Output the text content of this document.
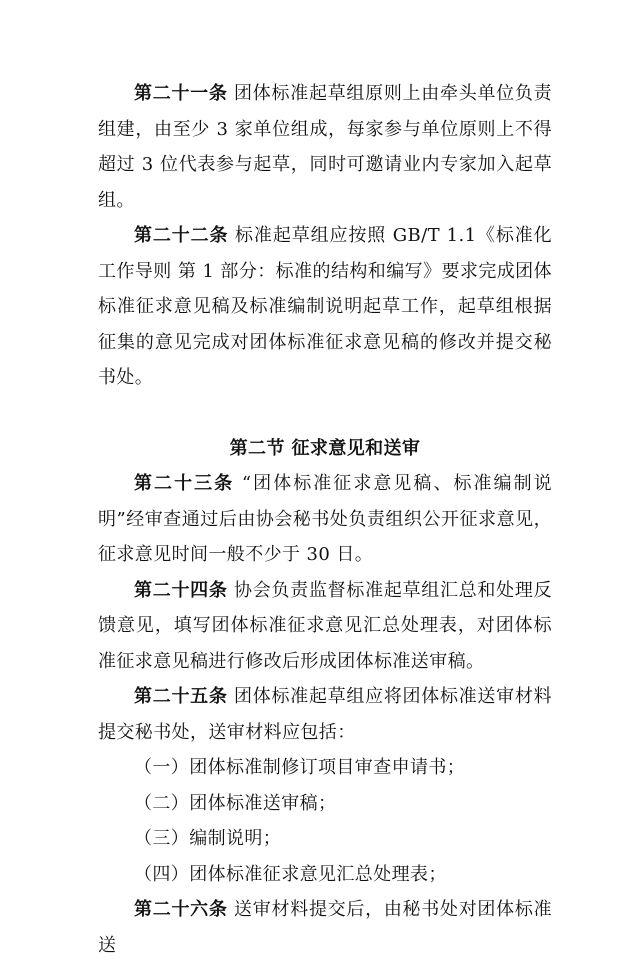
第二十一条 团体标准起草组原则上由牵头单位负责组建，由至少 3 家单位组成，每家参与单位原则上不得超过 3 位代表参与起草，同时可邀请业内专家加入起草组。

第二十二条 标准起草组应按照 GB/T 1.1《标准化工作导则 第 1 部分：标准的结构和编写》要求完成团体标准征求意见稿及标准编制说明起草工作，起草组根据征集的意见完成对团体标准征求意见稿的修改并提交秘书处。

第二节 征求意见和送审

第二十三条 “团体标准征求意见稿、标准编制说明”经审查通过后由协会秘书处负责组织公开征求意见，征求意见时间一般不少于 30 日。

第二十四条 协会负责监督标准起草组汇总和处理反馈意见，填写团体标准征求意见汇总处理表，对团体标准征求意见稿进行修改后形成团体标准送审稿。

第二十五条 团体标准起草组应将团体标准送审材料提交秘书处，送审材料应包括：

（一）团体标准制修订项目审查申请书；

（二）团体标准送审稿；

（三）编制说明；

（四）团体标准征求意见汇总处理表；

第二十六条 送审材料提交后，由秘书处对团体标准送
